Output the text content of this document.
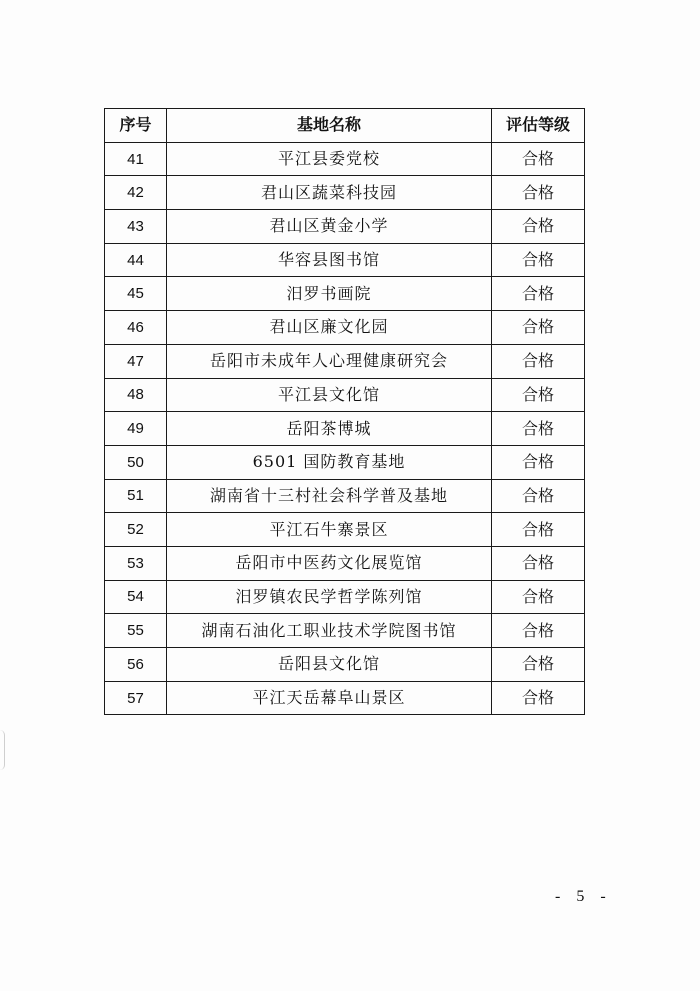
序号	基地名称	评估等级
41	平江县委党校	合格
42	君山区蔬菜科技园	合格
43	君山区黄金小学	合格
44	华容县图书馆	合格
45	汨罗书画院	合格
46	君山区廉文化园	合格
47	岳阳市未成年人心理健康研究会	合格
48	平江县文化馆	合格
49	岳阳茶博城	合格
50	6501 国防教育基地	合格
51	湖南省十三村社会科学普及基地	合格
52	平江石牛寨景区	合格
53	岳阳市中医药文化展览馆	合格
54	汨罗镇农民学哲学陈列馆	合格
55	湖南石油化工职业技术学院图书馆	合格
56	岳阳县文化馆	合格
57	平江天岳幕阜山景区	合格
- 5 -
